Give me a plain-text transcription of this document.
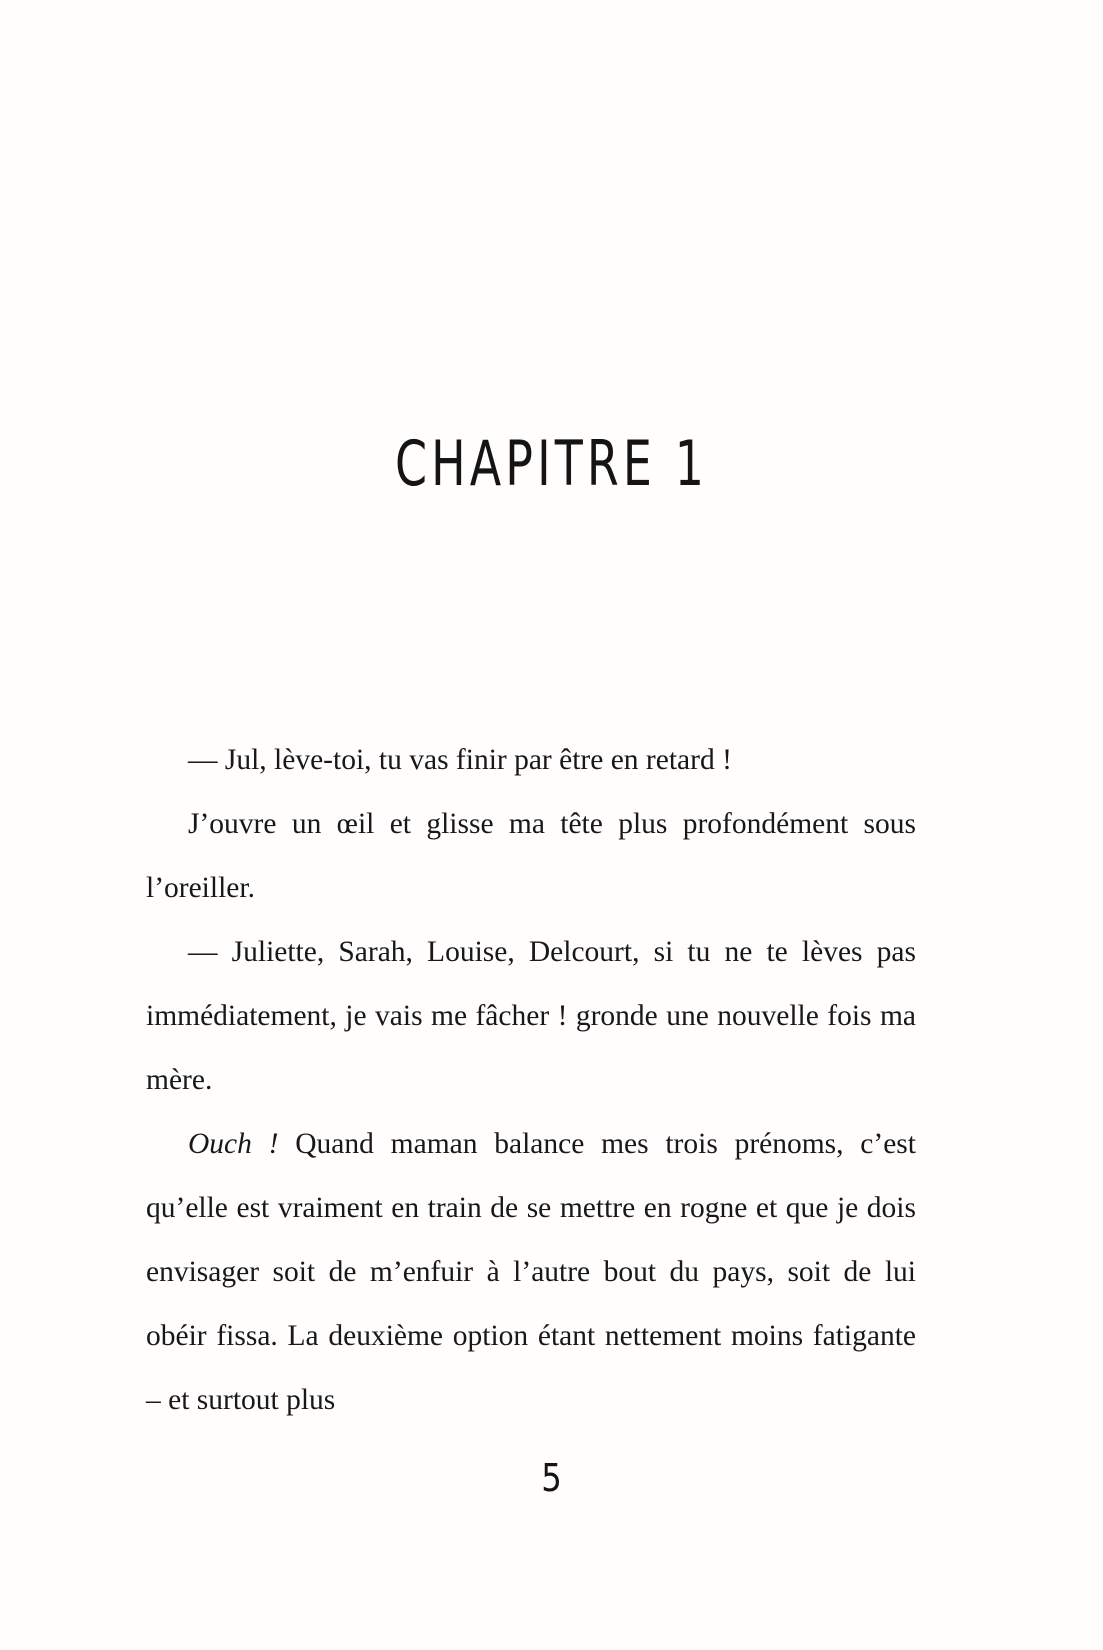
CHAPITRE 1

— Jul, lève-toi, tu vas finir par être en retard !

J’ouvre un œil et glisse ma tête plus profondément sous l’oreiller.

— Juliette, Sarah, Louise, Delcourt, si tu ne te lèves pas immédiatement, je vais me fâcher ! gronde une nouvelle fois ma mère.

Ouch ! Quand maman balance mes trois prénoms, c’est qu’elle est vraiment en train de se mettre en rogne et que je dois envisager soit de m’enfuir à l’autre bout du pays, soit de lui obéir fissa. La deuxième option étant nettement moins fatigante – et surtout plus

5
